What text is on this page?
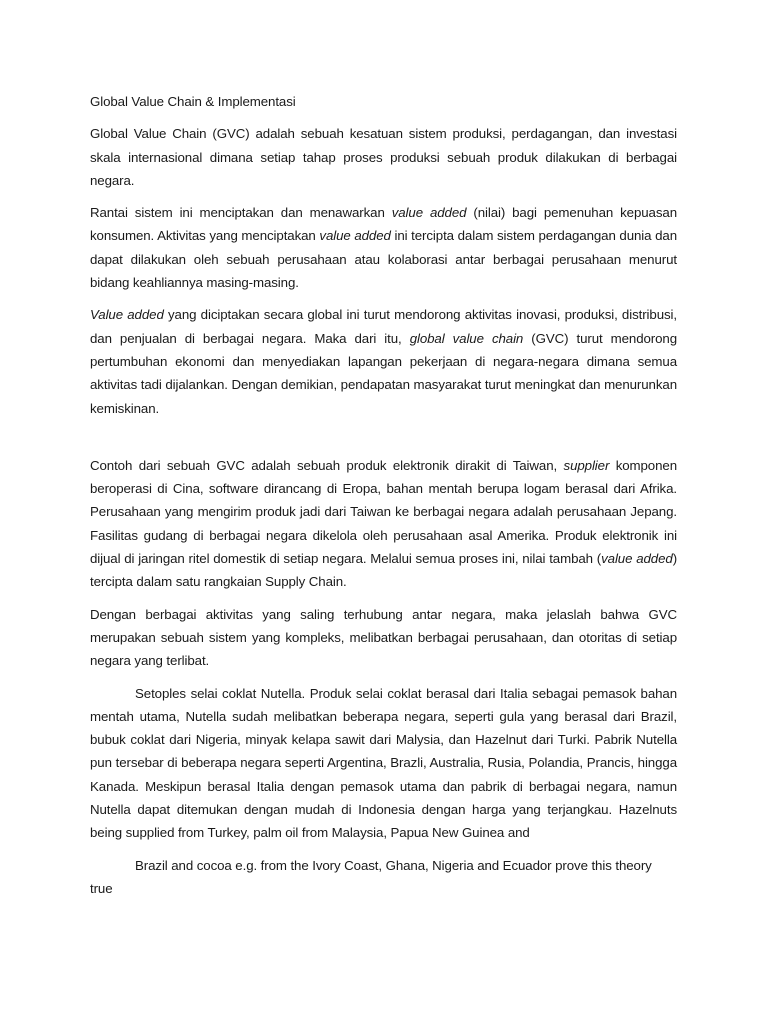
Global Value Chain & Implementasi

Global Value Chain (GVC) adalah sebuah kesatuan sistem produksi, perdagangan, dan investasi skala internasional dimana setiap tahap proses produksi sebuah produk dilakukan di berbagai negara.

Rantai sistem ini menciptakan dan menawarkan value added (nilai) bagi pemenuhan kepuasan konsumen. Aktivitas yang menciptakan value added ini tercipta dalam sistem perdagangan dunia dan dapat dilakukan oleh sebuah perusahaan atau kolaborasi antar berbagai perusahaan menurut bidang keahliannya masing-masing.

Value added yang diciptakan secara global ini turut mendorong aktivitas inovasi, produksi, distribusi, dan penjualan di berbagai negara. Maka dari itu, global value chain (GVC) turut mendorong pertumbuhan ekonomi dan menyediakan lapangan pekerjaan di negara-negara dimana semua aktivitas tadi dijalankan. Dengan demikian, pendapatan masyarakat turut meningkat dan menurunkan kemiskinan.

Contoh dari sebuah GVC adalah sebuah produk elektronik dirakit di Taiwan, supplier komponen beroperasi di Cina, software dirancang di Eropa, bahan mentah berupa logam berasal dari Afrika. Perusahaan yang mengirim produk jadi dari Taiwan ke berbagai negara adalah perusahaan Jepang. Fasilitas gudang di berbagai negara dikelola oleh perusahaan asal Amerika. Produk elektronik ini dijual di jaringan ritel domestik di setiap negara. Melalui semua proses ini, nilai tambah (value added) tercipta dalam satu rangkaian Supply Chain.

Dengan berbagai aktivitas yang saling terhubung antar negara, maka jelaslah bahwa GVC merupakan sebuah sistem yang kompleks, melibatkan berbagai perusahaan, dan otoritas di setiap negara yang terlibat.

Setoples selai coklat Nutella. Produk selai coklat berasal dari Italia sebagai pemasok bahan mentah utama, Nutella sudah melibatkan beberapa negara, seperti gula yang berasal dari Brazil, bubuk coklat dari Nigeria, minyak kelapa sawit dari Malysia, dan Hazelnut dari Turki. Pabrik Nutella pun tersebar di beberapa negara seperti Argentina, Brazli, Australia, Rusia, Polandia, Prancis, hingga Kanada. Meskipun berasal Italia dengan pemasok utama dan pabrik di berbagai negara, namun Nutella dapat ditemukan dengan mudah di Indonesia dengan harga yang terjangkau. Hazelnuts being supplied from Turkey, palm oil from Malaysia, Papua New Guinea and

Brazil and cocoa e.g. from the Ivory Coast, Ghana, Nigeria and Ecuador prove this theory true
